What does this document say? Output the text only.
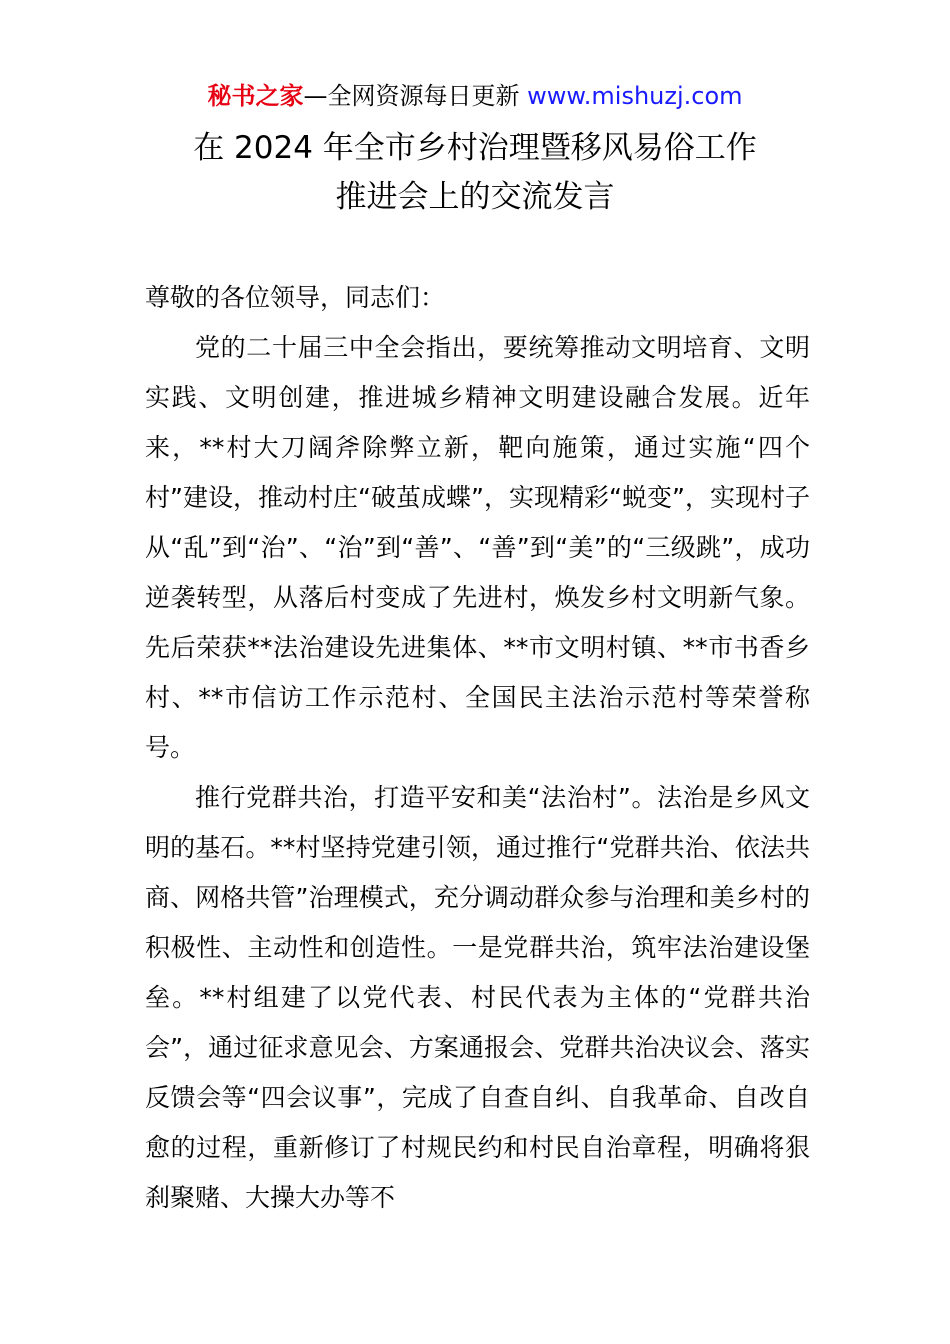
秘书之家—全网资源每日更新 www.mishuzj.com
在 2024 年全市乡村治理暨移风易俗工作
推进会上的交流发言
尊敬的各位领导，同志们：

党的二十届三中全会指出，要统筹推动文明培育、文明实践、文明创建，推进城乡精神文明建设融合发展。近年来，**村大刀阔斧除弊立新，靶向施策，通过实施“四个村”建设，推动村庄“破茧成蝶”，实现精彩“蜕变”，实现村子从“乱”到“治”、“治”到“善”、“善”到“美”的“三级跳”，成功逆袭转型，从落后村变成了先进村，焕发乡村文明新气象。先后荣获**法治建设先进集体、**市文明村镇、**市书香乡村、**市信访工作示范村、全国民主法治示范村等荣誉称号。

推行党群共治，打造平安和美“法治村”。法治是乡风文明的基石。**村坚持党建引领，通过推行“党群共治、依法共商、网格共管”治理模式，充分调动群众参与治理和美乡村的积极性、主动性和创造性。一是党群共治，筑牢法治建设堡垒。**村组建了以党代表、村民代表为主体的“党群共治会”，通过征求意见会、方案通报会、党群共治决议会、落实反馈会等“四会议事”，完成了自查自纠、自我革命、自改自愈的过程，重新修订了村规民约和村民自治章程，明确将狠刹聚赌、大操大办等不
